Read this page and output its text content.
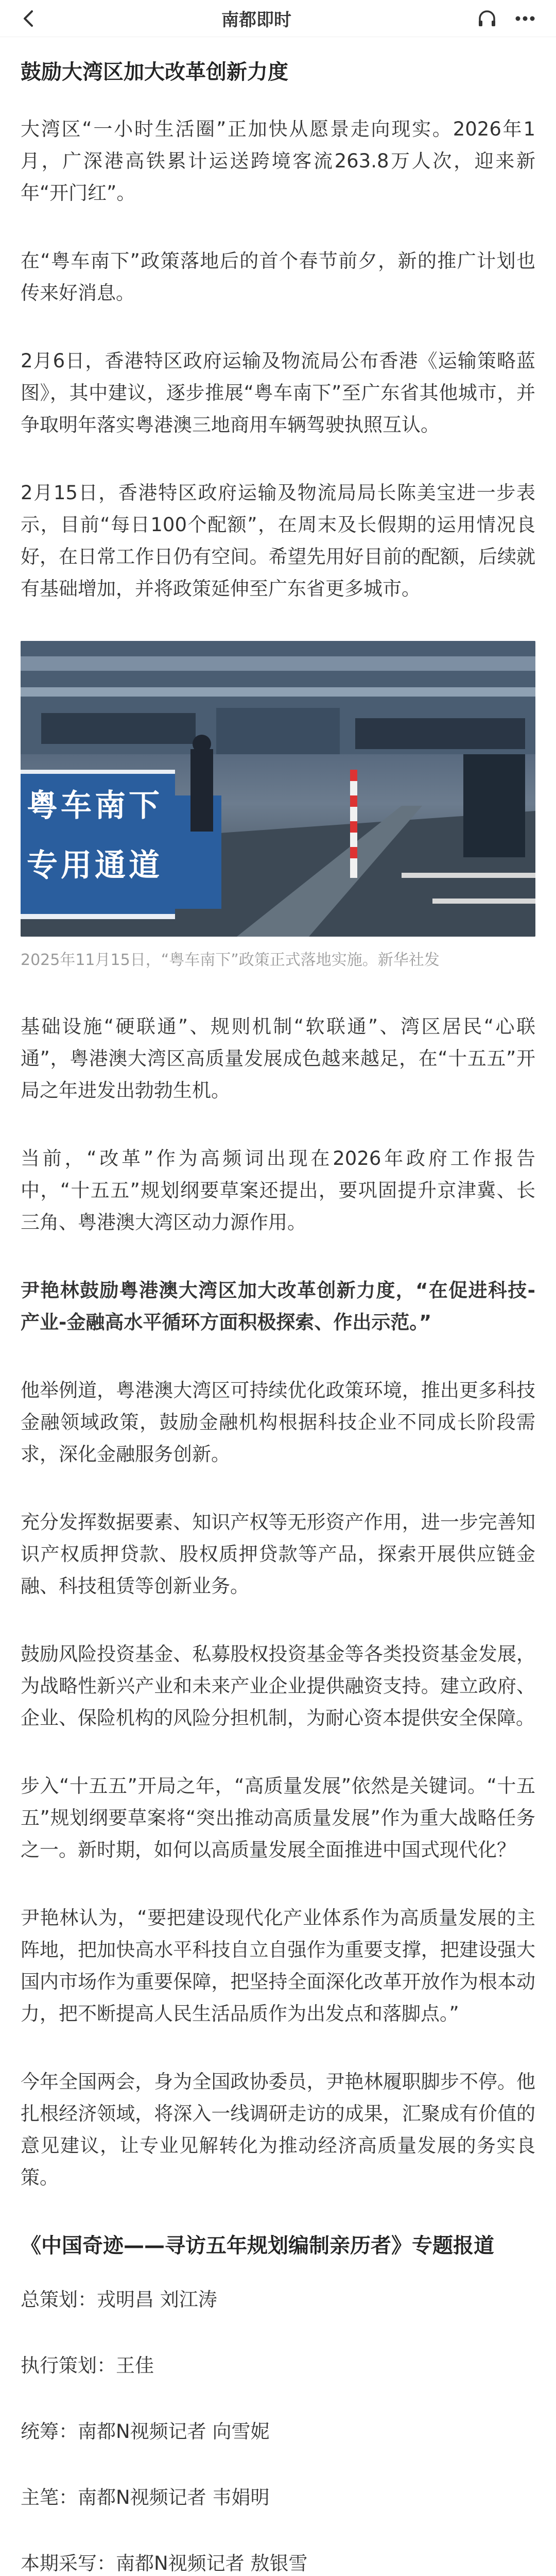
南都即时
鼓励大湾区加大改革创新力度

大湾区“一小时生活圈”正加快从愿景走向现实。2026年1月，广深港高铁累计运送跨境客流263.8万人次，迎来新年“开门红”。

在“粤车南下”政策落地后的首个春节前夕，新的推广计划也传来好消息。

2月6日，香港特区政府运输及物流局公布香港《运输策略蓝图》，其中建议，逐步推展“粤车南下”至广东省其他城市，并争取明年落实粤港澳三地商用车辆驾驶执照互认。

2月15日，香港特区政府运输及物流局局长陈美宝进一步表示，目前“每日100个配额”，在周末及长假期的运用情况良好，在日常工作日仍有空间。希望先用好目前的配额，后续就有基础增加，并将政策延伸至广东省更多城市。

粤车南下
专用通道
2025年11月15日，“粤车南下”政策正式落地实施。新华社发

基础设施“硬联通”、规则机制“软联通”、湾区居民“心联通”，粤港澳大湾区高质量发展成色越来越足，在“十五五”开局之年进发出勃勃生机。

当前，“改革”作为高频词出现在2026年政府工作报告中，“十五五”规划纲要草案还提出，要巩固提升京津冀、长三角、粤港澳大湾区动力源作用。

尹艳林鼓励粤港澳大湾区加大改革创新力度，“在促进科技-产业-金融高水平循环方面积极探索、作出示范。”

他举例道，粤港澳大湾区可持续优化政策环境，推出更多科技金融领域政策，鼓励金融机构根据科技企业不同成长阶段需求，深化金融服务创新。

充分发挥数据要素、知识产权等无形资产作用，进一步完善知识产权质押贷款、股权质押贷款等产品，探索开展供应链金融、科技租赁等创新业务。

鼓励风险投资基金、私募股权投资基金等各类投资基金发展，为战略性新兴产业和未来产业企业提供融资支持。建立政府、企业、保险机构的风险分担机制，为耐心资本提供安全保障。

步入“十五五”开局之年，“高质量发展”依然是关键词。“十五五”规划纲要草案将“突出推动高质量发展”作为重大战略任务之一。新时期，如何以高质量发展全面推进中国式现代化？

尹艳林认为，“要把建设现代化产业体系作为高质量发展的主阵地，把加快高水平科技自立自强作为重要支撑，把建设强大国内市场作为重要保障，把坚持全面深化改革开放作为根本动力，把不断提高人民生活品质作为出发点和落脚点。”

今年全国两会，身为全国政协委员，尹艳林履职脚步不停。他扎根经济领域，将深入一线调研走访的成果，汇聚成有价值的意见建议，让专业见解转化为推动经济高质量发展的务实良策。

《中国奇迹——寻访五年规划编制亲历者》专题报道
总策划：戎明昌 刘江涛
执行策划：王佳
统筹：南都N视频记者 向雪妮
主笔：南都N视频记者 韦娟明
本期采写：南都N视频记者 敖银雪
